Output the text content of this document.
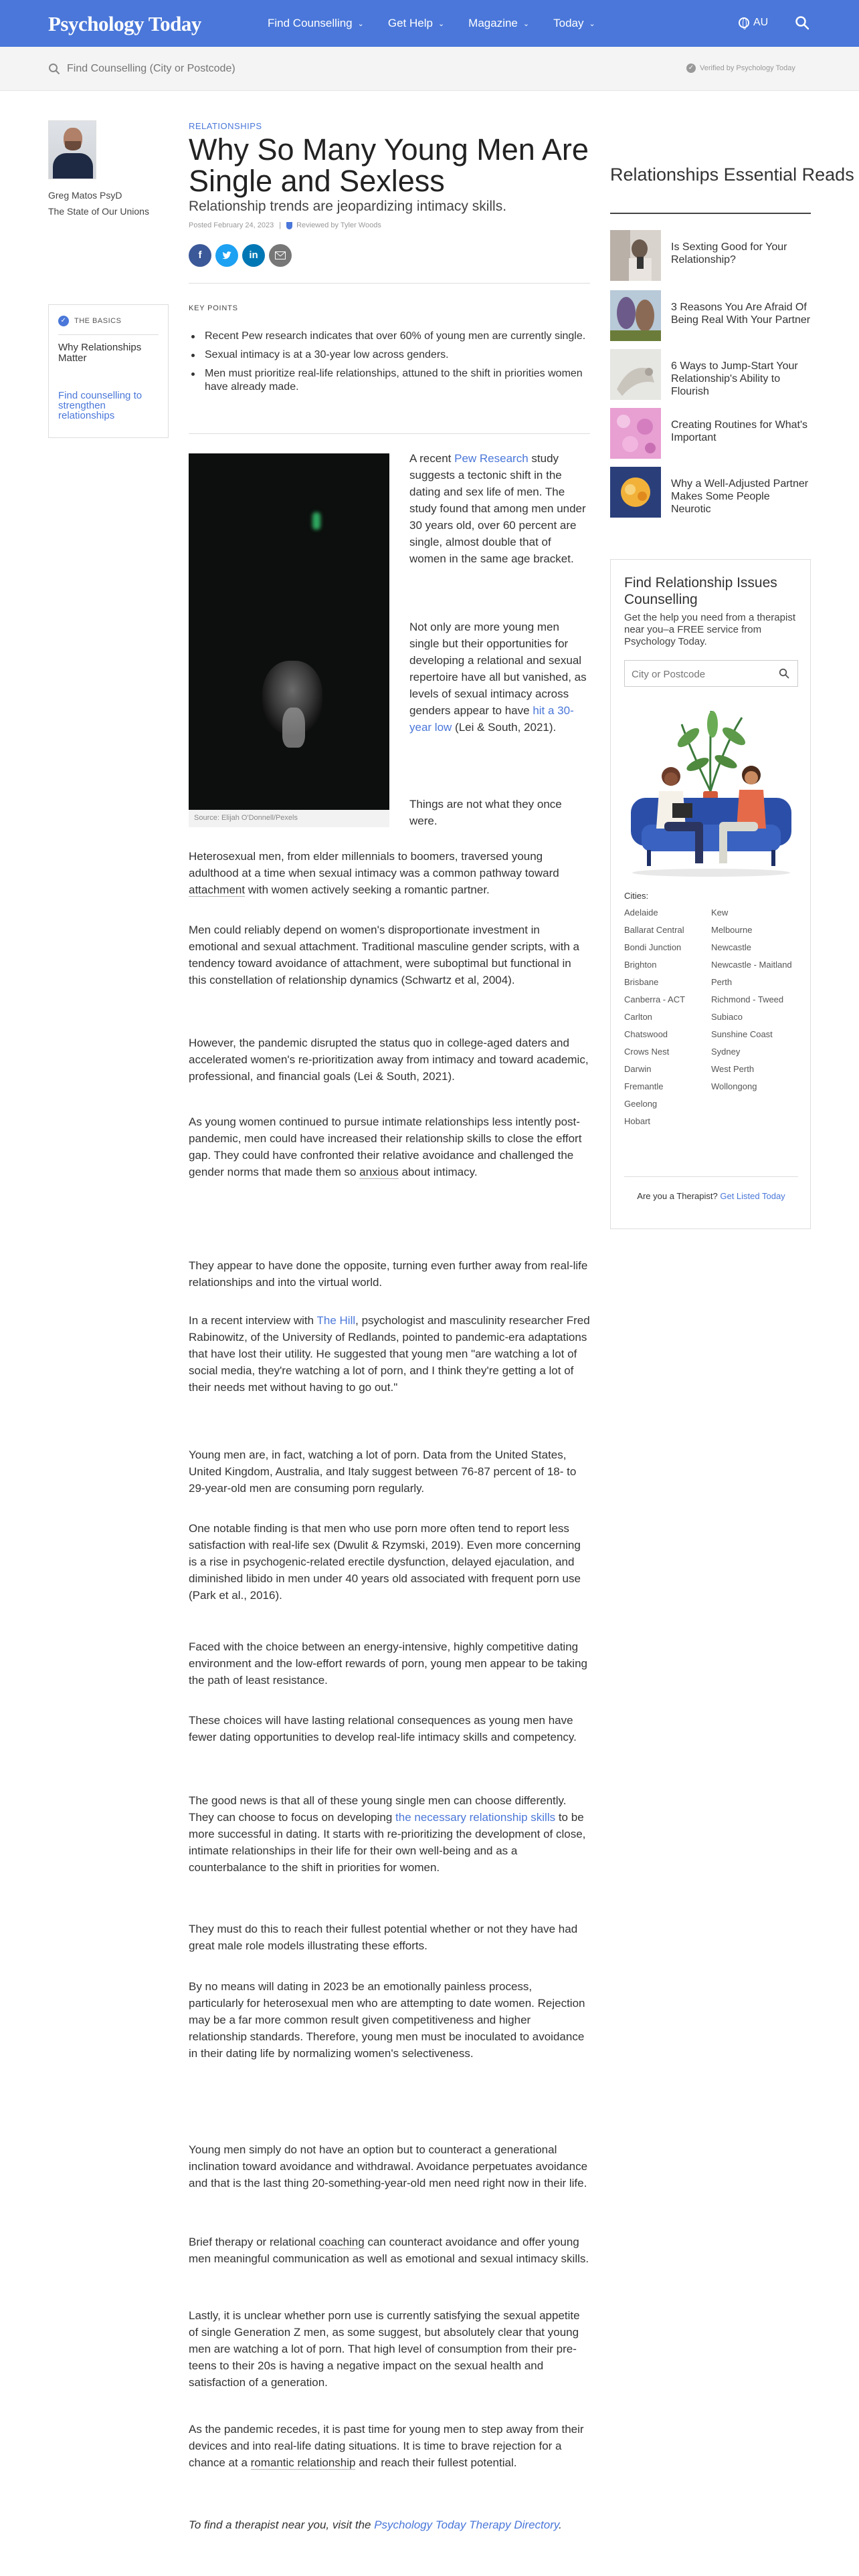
Psychology Today	Find Counselling ⌄ Get Help ⌄ Magazine ⌄ Today ⌄	AU
Find Counselling (City or Postcode)
✓ Verified by Psychology Today
Greg Matos PsyD
The State of Our Unions
✓	THE BASICS
Why Relationships Matter
Find counselling to strengthen relationships
RELATIONSHIPS
Why So Many Young Men Are Single and Sexless
Relationship trends are jeopardizing intimacy skills.
Posted February 24, 2023 | Reviewed by Tyler Woods
f	in
KEY POINTS
Recent Pew research indicates that over 60% of young men are currently single.
Sexual intimacy is at a 30-year low across genders.
Men must prioritize real-life relationships, attuned to the shift in priorities women have already made.
Source: Elijah O'Donnell/Pexels

A recent Pew Research study suggests a tectonic shift in the dating and sex life of men. The study found that among men under 30 years old, over 60 percent are single, almost double that of women in the same age bracket.

Not only are more young men single but their opportunities for developing a relational and sexual repertoire have all but vanished, as levels of sexual intimacy across genders appear to have hit a 30-year low (Lei & South, 2021).

Things are not what they once were.

Heterosexual men, from elder millennials to boomers, traversed young adulthood at a time when sexual intimacy was a common pathway toward attachment with women actively seeking a romantic partner.

Men could reliably depend on women's disproportionate investment in emotional and sexual attachment. Traditional masculine gender scripts, with a tendency toward avoidance of attachment, were suboptimal but functional in this constellation of relationship dynamics (Schwartz et al, 2004).

However, the pandemic disrupted the status quo in college-aged daters and accelerated women's re-prioritization away from intimacy and toward academic, professional, and financial goals (Lei & South, 2021).

As young women continued to pursue intimate relationships less intently post-pandemic, men could have increased their relationship skills to close the effort gap. They could have confronted their relative avoidance and challenged the gender norms that made them so anxious about intimacy.

They appear to have done the opposite, turning even further away from real-life relationships and into the virtual world.

In a recent interview with The Hill, psychologist and masculinity researcher Fred Rabinowitz, of the University of Redlands, pointed to pandemic-era adaptations that have lost their utility. He suggested that young men "are watching a lot of social media, they're watching a lot of porn, and I think they're getting a lot of their needs met without having to go out."

Young men are, in fact, watching a lot of porn. Data from the United States, United Kingdom, Australia, and Italy suggest between 76-87 percent of 18- to 29-year-old men are consuming porn regularly.

One notable finding is that men who use porn more often tend to report less satisfaction with real-life sex (Dwulit & Rzymski, 2019). Even more concerning is a rise in psychogenic-related erectile dysfunction, delayed ejaculation, and diminished libido in men under 40 years old associated with frequent porn use (Park et al., 2016).

Faced with the choice between an energy-intensive, highly competitive dating environment and the low-effort rewards of porn, young men appear to be taking the path of least resistance.

These choices will have lasting relational consequences as young men have fewer dating opportunities to develop real-life intimacy skills and competency.

The good news is that all of these young single men can choose differently. They can choose to focus on developing the necessary relationship skills to be more successful in dating. It starts with re-prioritizing the development of close, intimate relationships in their life for their own well-being and as a counterbalance to the shift in priorities for women.

They must do this to reach their fullest potential whether or not they have had great male role models illustrating these efforts.

By no means will dating in 2023 be an emotionally painless process, particularly for heterosexual men who are attempting to date women. Rejection may be a far more common result given competitiveness and higher relationship standards. Therefore, young men must be inoculated to avoidance in their dating life by normalizing women's selectiveness.

Young men simply do not have an option but to counteract a generational inclination toward avoidance and withdrawal. Avoidance perpetuates avoidance and that is the last thing 20-something-year-old men need right now in their life.

Brief therapy or relational coaching can counteract avoidance and offer young men meaningful communication as well as emotional and sexual intimacy skills.

Lastly, it is unclear whether porn use is currently satisfying the sexual appetite of single Generation Z men, as some suggest, but absolutely clear that young men are watching a lot of porn. That high level of consumption from their pre-teens to their 20s is having a negative impact on the sexual health and satisfaction of a generation.

As the pandemic recedes, it is past time for young men to step away from their devices and into real-life dating situations. It is time to brave rejection for a chance at a romantic relationship and reach their fullest potential.

To find a therapist near you, visit the Psychology Today Therapy Directory.

Relationships Essential Reads
Is Sexting Good for Your Relationship?
3 Reasons You Are Afraid Of Being Real With Your Partner
6 Ways to Jump-Start Your Relationship's Ability to Flourish
Creating Routines for What's Important
Why a Well-Adjusted Partner Makes Some People Neurotic
Find Relationship Issues Counselling
Get the help you need from a therapist near you–a FREE service from Psychology Today.
City or Postcode
Cities:
Adelaide
Ballarat Central
Bondi Junction
Brighton
Brisbane
Canberra - ACT
Carlton
Chatswood
Crows Nest
Darwin
Fremantle
Geelong
Hobart
Kew
Melbourne
Newcastle
Newcastle - Maitland
Perth
Richmond - Tweed
Subiaco
Sunshine Coast
Sydney
West Perth
Wollongong
Are you a Therapist? Get Listed Today
